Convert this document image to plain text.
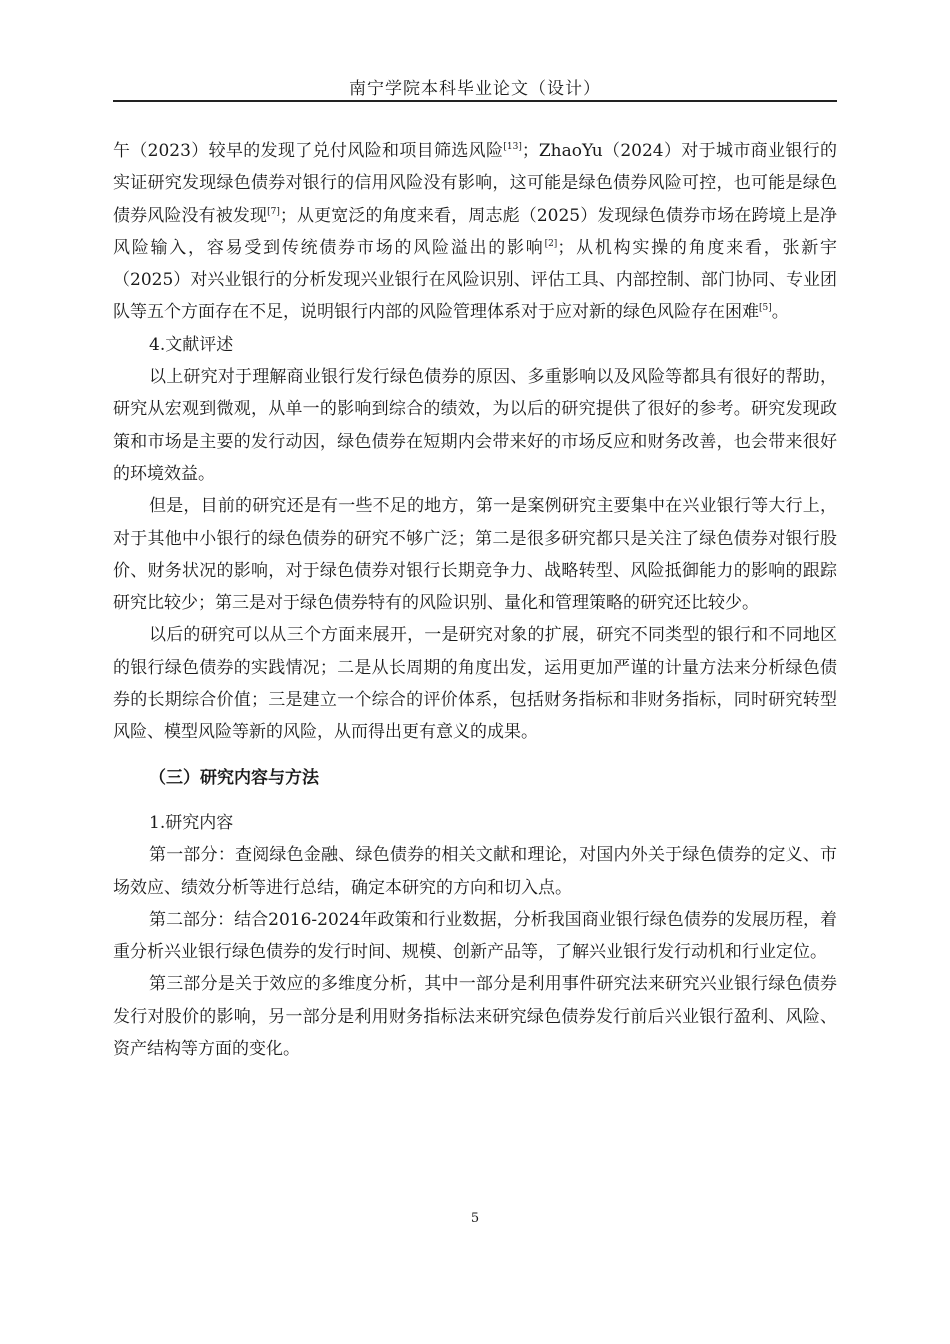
南宁学院本科毕业论文（设计）

午（2023）较早的发现了兑付风险和项目筛选风险[13]；ZhaoYu（2024）对于城市商业银行的实证研究发现绿色债券对银行的信用风险没有影响，这可能是绿色债券风险可控，也可能是绿色债券风险没有被发现[7]；从更宽泛的角度来看，周志彪（2025）发现绿色债券市场在跨境上是净风险输入，容易受到传统债券市场的风险溢出的影响[2]；从机构实操的角度来看，张新宇（2025）对兴业银行的分析发现兴业银行在风险识别、评估工具、内部控制、部门协同、专业团队等五个方面存在不足，说明银行内部的风险管理体系对于应对新的绿色风险存在困难[5]。

4.文献评述

以上研究对于理解商业银行发行绿色债券的原因、多重影响以及风险等都具有很好的帮助，研究从宏观到微观，从单一的影响到综合的绩效，为以后的研究提供了很好的参考。研究发现政策和市场是主要的发行动因，绿色债券在短期内会带来好的市场反应和财务改善，也会带来很好的环境效益。

但是，目前的研究还是有一些不足的地方，第一是案例研究主要集中在兴业银行等大行上，对于其他中小银行的绿色债券的研究不够广泛；第二是很多研究都只是关注了绿色债券对银行股价、财务状况的影响，对于绿色债券对银行长期竞争力、战略转型、风险抵御能力的影响的跟踪研究比较少；第三是对于绿色债券特有的风险识别、量化和管理策略的研究还比较少。

以后的研究可以从三个方面来展开，一是研究对象的扩展，研究不同类型的银行和不同地区的银行绿色债券的实践情况；二是从长周期的角度出发，运用更加严谨的计量方法来分析绿色债券的长期综合价值；三是建立一个综合的评价体系，包括财务指标和非财务指标，同时研究转型风险、模型风险等新的风险，从而得出更有意义的成果。

（三）研究内容与方法

1.研究内容

第一部分：查阅绿色金融、绿色债券的相关文献和理论，对国内外关于绿色债券的定义、市场效应、绩效分析等进行总结，确定本研究的方向和切入点。

第二部分：结合2016-2024年政策和行业数据，分析我国商业银行绿色债券的发展历程，着重分析兴业银行绿色债券的发行时间、规模、创新产品等，了解兴业银行发行动机和行业定位。

第三部分是关于效应的多维度分析，其中一部分是利用事件研究法来研究兴业银行绿色债券发行对股价的影响，另一部分是利用财务指标法来研究绿色债券发行前后兴业银行盈利、风险、资产结构等方面的变化。

5
